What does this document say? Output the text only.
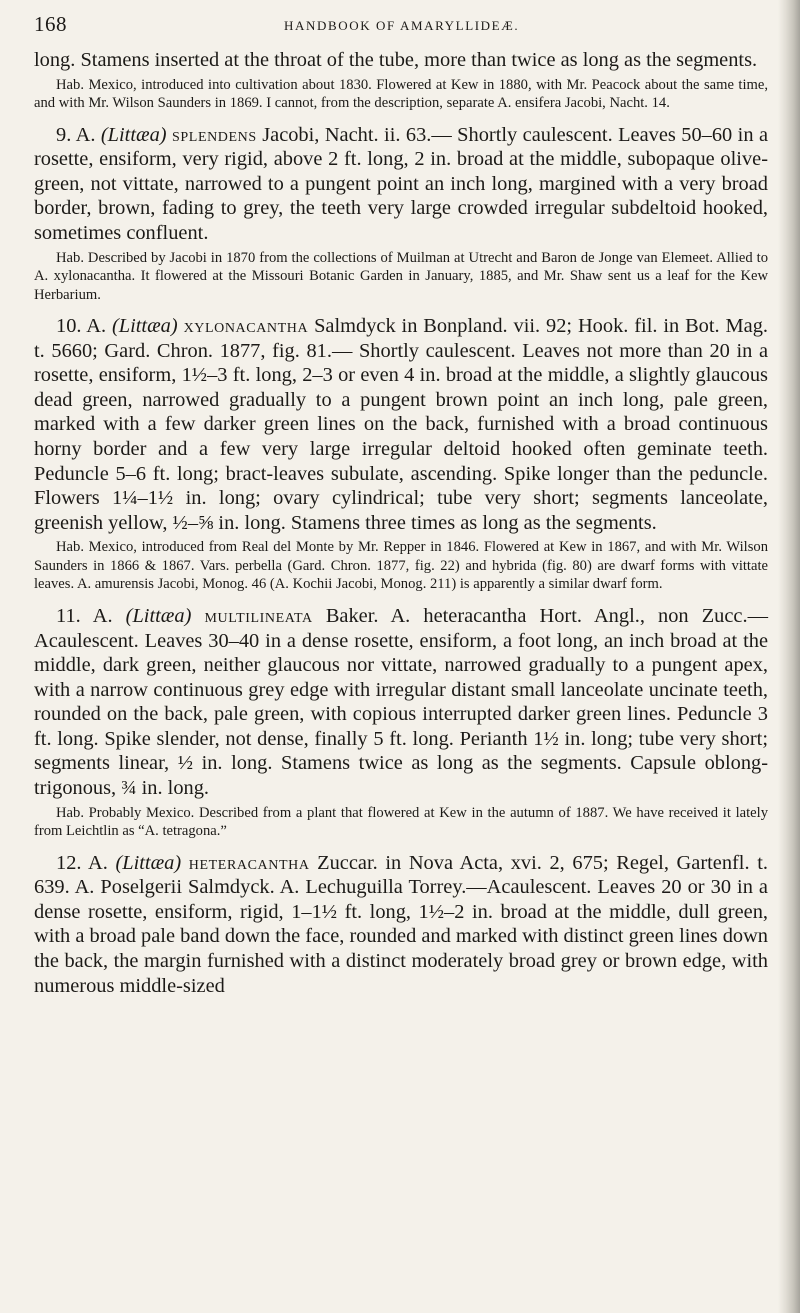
168	HANDBOOK OF AMARYLLIDEÆ.

long. Stamens inserted at the throat of the tube, more than twice as long as the segments.

Hab. Mexico, introduced into cultivation about 1830. Flowered at Kew in 1880, with Mr. Peacock about the same time, and with Mr. Wilson Saunders in 1869. I cannot, from the description, separate A. ensifera Jacobi, Nacht. 14.

9. A. (Littæa) splendens Jacobi, Nacht. ii. 63.— Shortly caulescent. Leaves 50–60 in a rosette, ensiform, very rigid, above 2 ft. long, 2 in. broad at the middle, subopaque olive-green, not vittate, narrowed to a pungent point an inch long, margined with a very broad border, brown, fading to grey, the teeth very large crowded irregular subdeltoid hooked, sometimes confluent.

Hab. Described by Jacobi in 1870 from the collections of Muilman at Utrecht and Baron de Jonge van Elemeet. Allied to A. xylonacantha. It flowered at the Missouri Botanic Garden in January, 1885, and Mr. Shaw sent us a leaf for the Kew Herbarium.

10. A. (Littæa) xylonacantha Salmdyck in Bonpland. vii. 92; Hook. fil. in Bot. Mag. t. 5660; Gard. Chron. 1877, fig. 81.— Shortly caulescent. Leaves not more than 20 in a rosette, ensiform, 1½–3 ft. long, 2–3 or even 4 in. broad at the middle, a slightly glaucous dead green, narrowed gradually to a pungent brown point an inch long, pale green, marked with a few darker green lines on the back, furnished with a broad continuous horny border and a few very large irregular deltoid hooked often geminate teeth. Peduncle 5–6 ft. long; bract-leaves subulate, ascending. Spike longer than the peduncle. Flowers 1¼–1½ in. long; ovary cylindrical; tube very short; segments lanceolate, greenish yellow, ½–⅝ in. long. Stamens three times as long as the segments.

Hab. Mexico, introduced from Real del Monte by Mr. Repper in 1846. Flowered at Kew in 1867, and with Mr. Wilson Saunders in 1866 & 1867. Vars. perbella (Gard. Chron. 1877, fig. 22) and hybrida (fig. 80) are dwarf forms with vittate leaves. A. amurensis Jacobi, Monog. 46 (A. Kochii Jacobi, Monog. 211) is apparently a similar dwarf form.

11. A. (Littæa) multilineata Baker. A. heteracantha Hort. Angl., non Zucc.—Acaulescent. Leaves 30–40 in a dense rosette, ensiform, a foot long, an inch broad at the middle, dark green, neither glaucous nor vittate, narrowed gradually to a pungent apex, with a narrow continuous grey edge with irregular distant small lanceolate uncinate teeth, rounded on the back, pale green, with copious interrupted darker green lines. Peduncle 3 ft. long. Spike slender, not dense, finally 5 ft. long. Perianth 1½ in. long; tube very short; segments linear, ½ in. long. Stamens twice as long as the segments. Capsule oblong-trigonous, ¾ in. long.

Hab. Probably Mexico. Described from a plant that flowered at Kew in the autumn of 1887. We have received it lately from Leichtlin as “A. tetragona.”

12. A. (Littæa) heteracantha Zuccar. in Nova Acta, xvi. 2, 675; Regel, Gartenfl. t. 639. A. Poselgerii Salmdyck. A. Lechuguilla Torrey.—Acaulescent. Leaves 20 or 30 in a dense rosette, ensiform, rigid, 1–1½ ft. long, 1½–2 in. broad at the middle, dull green, with a broad pale band down the face, rounded and marked with distinct green lines down the back, the margin furnished with a distinct moderately broad grey or brown edge, with numerous middle-sized
